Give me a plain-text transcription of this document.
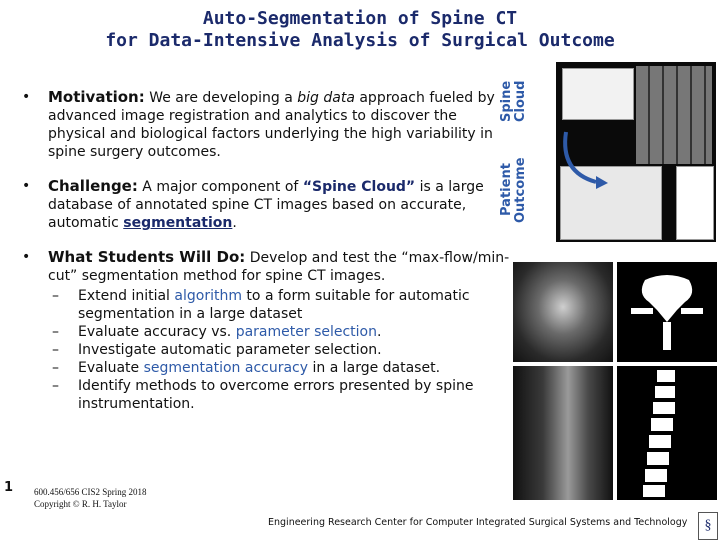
Auto-Segmentation of Spine CT
for Data-Intensive Analysis of Surgical Outcome
• Motivation: We are developing a big data approach fueled by advanced image registration and analytics to discover the physical and biological factors underlying the high variability in spine surgery outcomes.
• Challenge: A major component of “Spine Cloud” is a large database of annotated spine CT images based on accurate, automatic segmentation.
• What Students Will Do: Develop and test the “max-flow/min-cut” segmentation method for spine CT images.
– Extend initial algorithm to a form suitable for automatic segmentation in a large dataset
– Evaluate accuracy vs. parameter selection.
– Investigate automatic parameter selection.
– Evaluate segmentation accuracy in a large dataset.
– Identify methods to overcome errors presented by spine instrumentation.
Spine Cloud
Patient Outcome
1 600.456/656 CIS2 Spring 2018
Copyright © R. H. Taylor
Engineering Research Center for Computer Integrated Surgical Systems and Technology	§
